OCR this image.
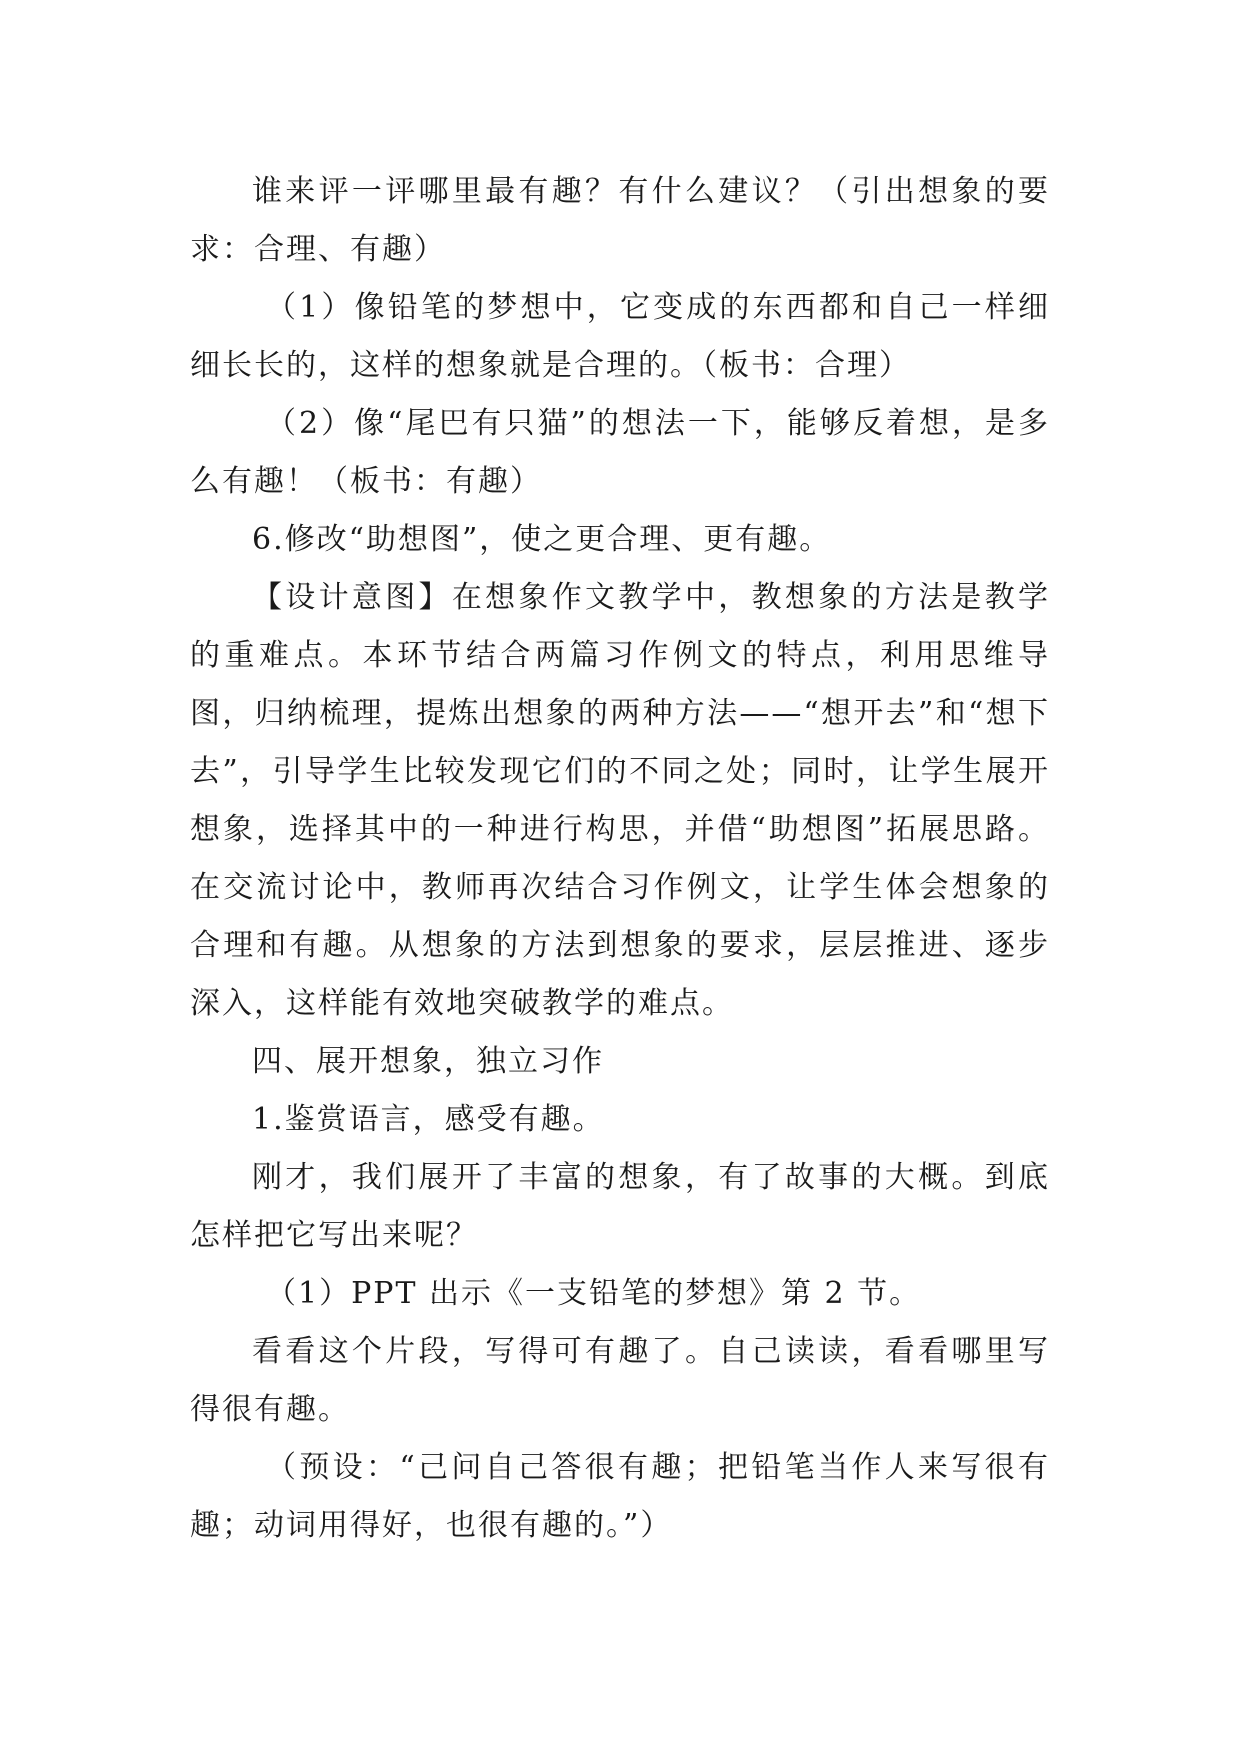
谁来评一评哪里最有趣？有什么建议？（引出想象的要求：合理、有趣）

（1）像铅笔的梦想中，它变成的东西都和自己一样细细长长的，这样的想象就是合理的。（板书：合理）

（2）像“尾巴有只猫”的想法一下，能够反着想，是多么有趣！（板书：有趣）

6.修改“助想图”，使之更合理、更有趣。

【设计意图】在想象作文教学中，教想象的方法是教学的重难点。本环节结合两篇习作例文的特点，利用思维导图，归纳梳理，提炼出想象的两种方法——“想开去”和“想下去”，引导学生比较发现它们的不同之处；同时，让学生展开想象，选择其中的一种进行构思，并借“助想图”拓展思路。在交流讨论中，教师再次结合习作例文，让学生体会想象的合理和有趣。从想象的方法到想象的要求，层层推进、逐步深入，这样能有效地突破教学的难点。

四、展开想象，独立习作

1.鉴赏语言，感受有趣。

刚才，我们展开了丰富的想象，有了故事的大概。到底怎样把它写出来呢？

（1）PPT 出示《一支铅笔的梦想》第 2 节。

看看这个片段，写得可有趣了。自己读读，看看哪里写得很有趣。

（预设：“己问自己答很有趣；把铅笔当作人来写很有趣；动词用得好，也很有趣的。”）
